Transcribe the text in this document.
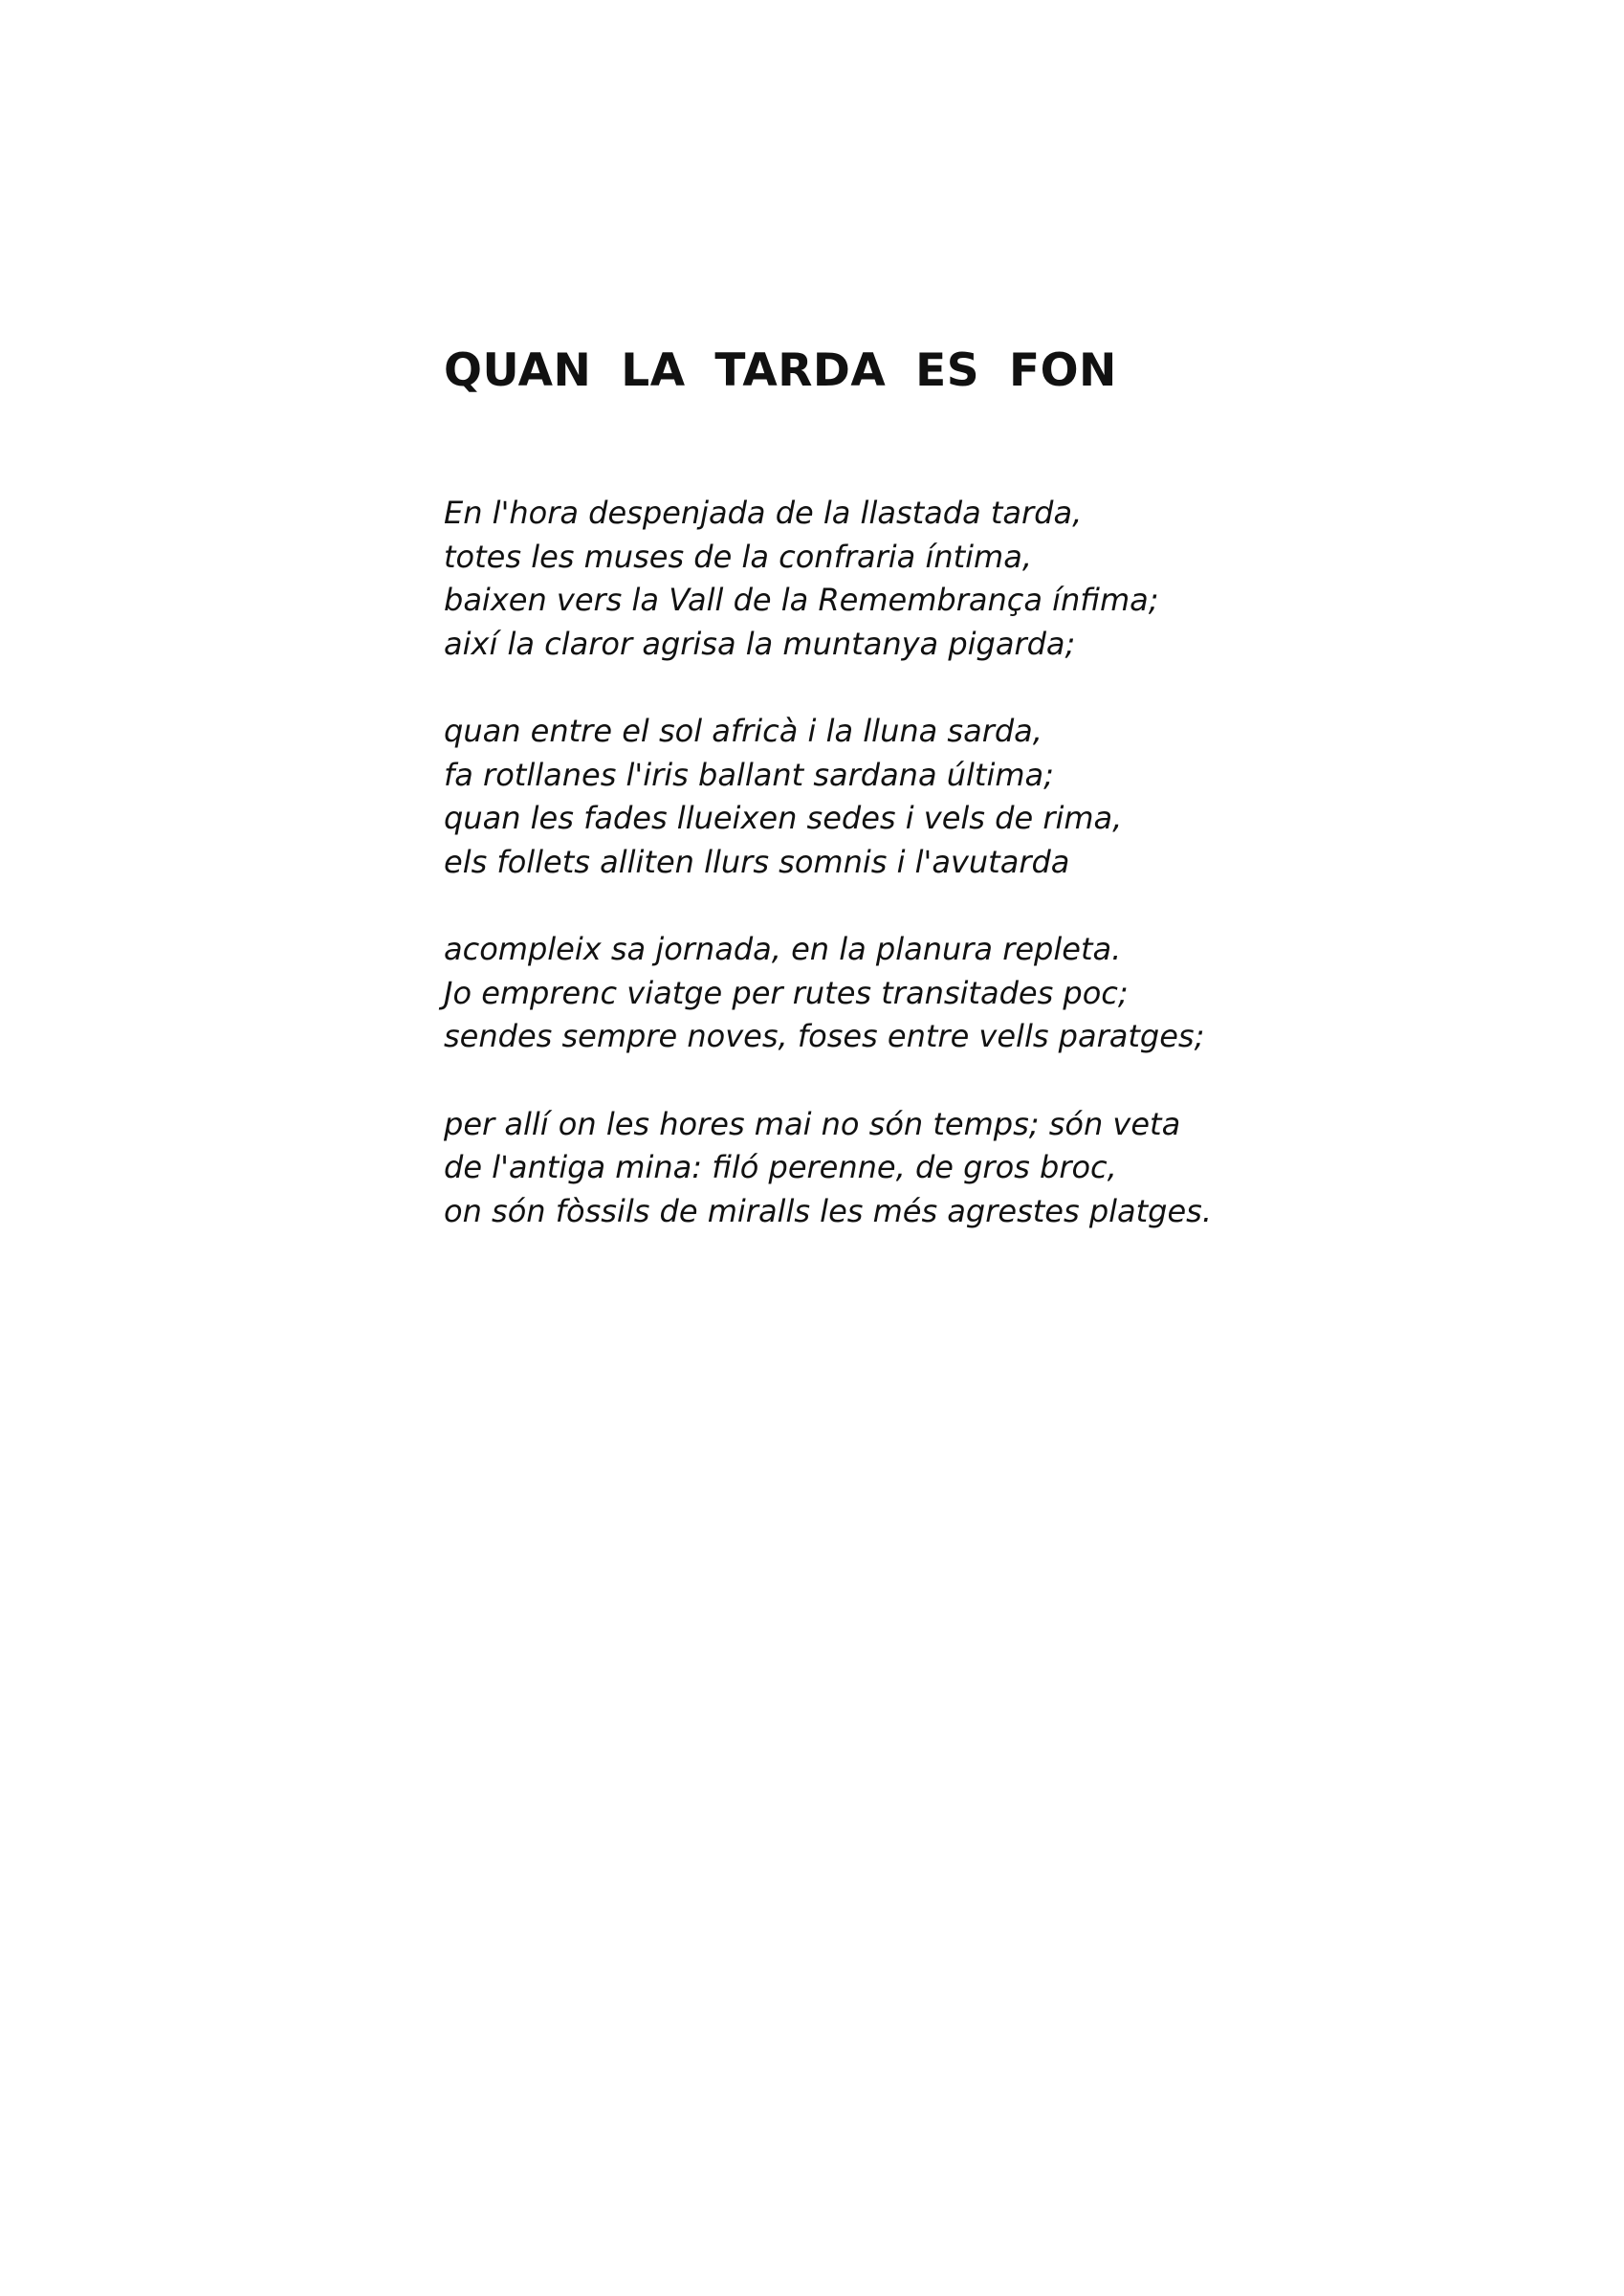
QUAN LA TARDA ES FON
En l'hora despenjada de la llastada tarda,
totes les muses de la confraria íntima,
baixen vers la Vall de la Remembrança ínfima;
així la claror agrisa la muntanya pigarda;
quan entre el sol africà i la lluna sarda,
fa rotllanes l'iris ballant sardana última;
quan les fades llueixen sedes i vels de rima,
els follets alliten llurs somnis i l'avutarda
acompleix sa jornada, en la planura repleta.
Jo emprenc viatge per rutes transitades poc;
sendes sempre noves, foses entre vells paratges;
per allí on les hores mai no són temps; són veta
de l'antiga mina: filó perenne, de gros broc,
on són fòssils de miralls les més agrestes platges.
